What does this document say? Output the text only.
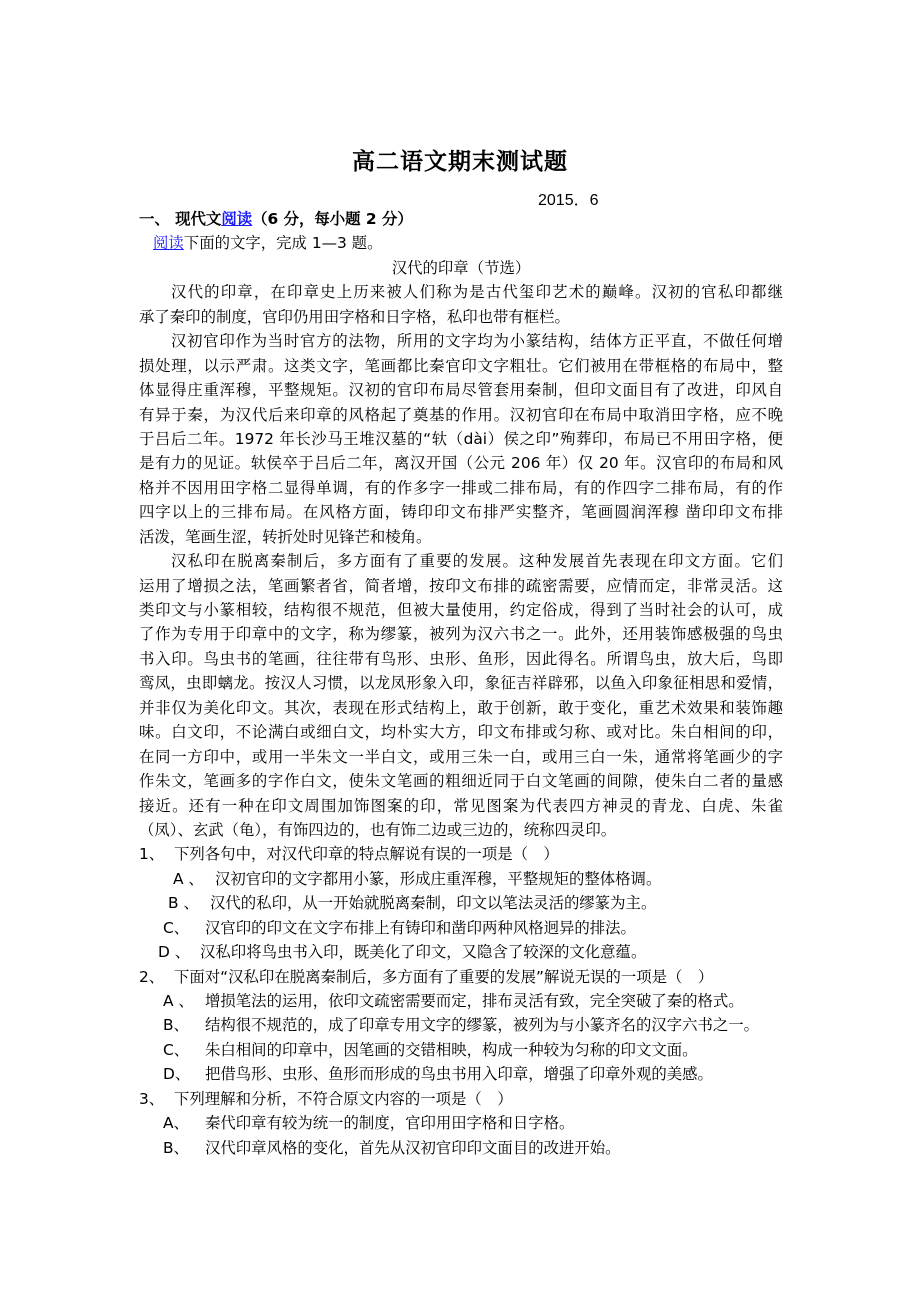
高二语文期末测试题
2015．6
一、 现代文阅读（6 分，每小题 2 分）
阅读下面的文字，完成 1—3 题。
汉代的印章（节选）
汉代的印章，在印章史上历来被人们称为是古代玺印艺术的巅峰。汉初的官私印都继
承了秦印的制度，官印仍用田字格和日字格，私印也带有框栏。
汉初官印作为当时官方的法物，所用的文字均为小篆结构，结体方正平直，不做任何增
损处理，以示严肃。这类文字，笔画都比秦官印文字粗壮。它们被用在带框格的布局中，整
体显得庄重浑穆，平整规矩。汉初的官印布局尽管套用秦制，但印文面目有了改进，印风自
有异于秦，为汉代后来印章的风格起了奠基的作用。汉初官印在布局中取消田字格，应不晚
于吕后二年。1972 年长沙马王堆汉墓的“轪（dài）侯之印”殉葬印，布局已不用田字格，便
是有力的见证。轪侯卒于吕后二年，离汉开国（公元 206 年）仅 20 年。汉官印的布局和风
格并不因用田字格二显得单调，有的作多字一排或二排布局，有的作四字二排布局，有的作
四字以上的三排布局。在风格方面，铸印印文布排严实整齐，笔画圆润浑穆 凿印印文布排
活泼，笔画生涩，转折处时见锋芒和棱角。
汉私印在脱离秦制后，多方面有了重要的发展。这种发展首先表现在印文方面。它们
运用了增损之法，笔画繁者省，简者增，按印文布排的疏密需要，应情而定，非常灵活。这
类印文与小篆相较，结构很不规范，但被大量使用，约定俗成，得到了当时社会的认可，成
了作为专用于印章中的文字，称为缪篆，被列为汉六书之一。此外，还用装饰感极强的鸟虫
书入印。鸟虫书的笔画，往往带有鸟形、虫形、鱼形，因此得名。所谓鸟虫，放大后，鸟即
鸾凤，虫即螭龙。按汉人习惯，以龙凤形象入印，象征吉祥辟邪，以鱼入印象征相思和爱情，
并非仅为美化印文。其次，表现在形式结构上，敢于创新，敢于变化，重艺术效果和装饰趣
味。白文印，不论满白或细白文，均朴实大方，印文布排或匀称、或对比。朱白相间的印，
在同一方印中，或用一半朱文一半白文，或用三朱一白，或用三白一朱，通常将笔画少的字
作朱文，笔画多的字作白文，使朱文笔画的粗细近同于白文笔画的间隙，使朱白二者的量感
接近。还有一种在印文周围加饰图案的印，常见图案为代表四方神灵的青龙、白虎、朱雀
（凤）、玄武（龟），有饰四边的，也有饰二边或三边的，统称四灵印。
1、 下列各句中，对汉代印章的特点解说有误的一项是（　）
A 、 汉初官印的文字都用小篆，形成庄重浑穆，平整规矩的整体格调。
B 、 汉代的私印，从一开始就脱离秦制，印文以笔法灵活的缪篆为主。
C、 汉官印的印文在文字布排上有铸印和凿印两种风格迥异的排法。
D 、 汉私印将鸟虫书入印，既美化了印文，又隐含了较深的文化意蕴。
2、 下面对“汉私印在脱离秦制后，多方面有了重要的发展”解说无误的一项是（　）
A 、 增损笔法的运用，依印文疏密需要而定，排布灵活有致，完全突破了秦的格式。
B、 结构很不规范的，成了印章专用文字的缪篆，被列为与小篆齐名的汉字六书之一。
C、 朱白相间的印章中，因笔画的交错相映，构成一种较为匀称的印文文面。
D、 把借鸟形、虫形、鱼形而形成的鸟虫书用入印章，增强了印章外观的美感。
3、 下列理解和分析，不符合原文内容的一项是（　）
A、 秦代印章有较为统一的制度，官印用田字格和日字格。
B、 汉代印章风格的变化，首先从汉初官印印文面目的改进开始。
